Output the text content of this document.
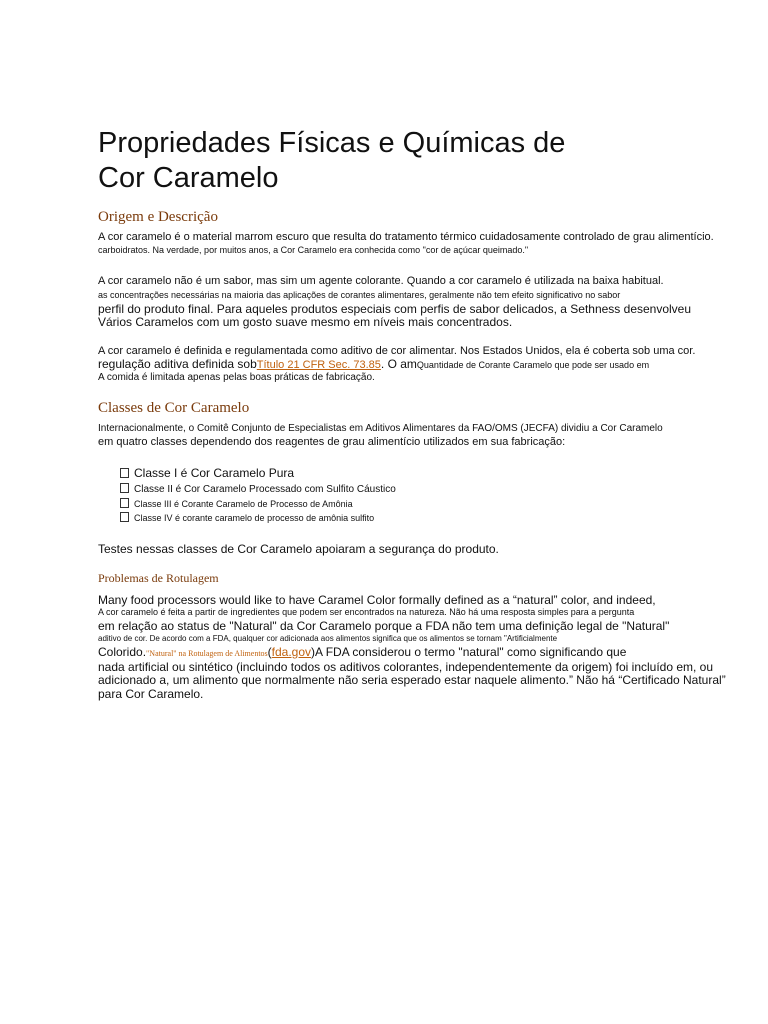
Propriedades Físicas e Químicas de
Cor Caramelo
Origem e Descrição
A cor caramelo é o material marrom escuro que resulta do tratamento térmico cuidadosamente controlado de grau alimentício.
carboidratos. Na verdade, por muitos anos, a Cor Caramelo era conhecida como "cor de açúcar queimado."
A cor caramelo não é um sabor, mas sim um agente colorante. Quando a cor caramelo é utilizada na baixa habitual.
as concentrações necessárias na maioria das aplicações de corantes alimentares, geralmente não tem efeito significativo no sabor
perfil do produto final. Para aqueles produtos especiais com perfis de sabor delicados, a Sethness desenvolveu
Vários Caramelos com um gosto suave mesmo em níveis mais concentrados.
A cor caramelo é definida e regulamentada como aditivo de cor alimentar. Nos Estados Unidos, ela é coberta sob uma cor.
regulação aditiva definida sobTítulo 21 CFR Sec. 73.85. O amQuantidade de Corante Caramelo que pode ser usado em
A comida é limitada apenas pelas boas práticas de fabricação.
Classes de Cor Caramelo
Internacionalmente, o Comitê Conjunto de Especialistas em Aditivos Alimentares da FAO/OMS (JECFA) dividiu a Cor Caramelo
em quatro classes dependendo dos reagentes de grau alimentício utilizados em sua fabricação:
Classe I é Cor Caramelo Pura
Classe II é Cor Caramelo Processado com Sulfito Cáustico
Classe III é Corante Caramelo de Processo de Amônia
Classe IV é corante caramelo de processo de amônia sulfito
Testes nessas classes de Cor Caramelo apoiaram a segurança do produto.
Problemas de Rotulagem
Many food processors would like to have Caramel Color formally defined as a “natural” color, and indeed,
A cor caramelo é feita a partir de ingredientes que podem ser encontrados na natureza. Não há uma resposta simples para a pergunta
em relação ao status de "Natural" da Cor Caramelo porque a FDA não tem uma definição legal de "Natural"
aditivo de cor. De acordo com a FDA, qualquer cor adicionada aos alimentos significa que os alimentos se tornam "Artificialmente
Colorido."Natural" na Rotulagem de Alimentos(fda.gov)A FDA considerou o termo "natural" como significando que
nada artificial ou sintético (incluindo todos os aditivos colorantes, independentemente da origem) foi incluído em, ou
adicionado a, um alimento que normalmente não seria esperado estar naquele alimento.” Não há “Certificado Natural”
para Cor Caramelo.
